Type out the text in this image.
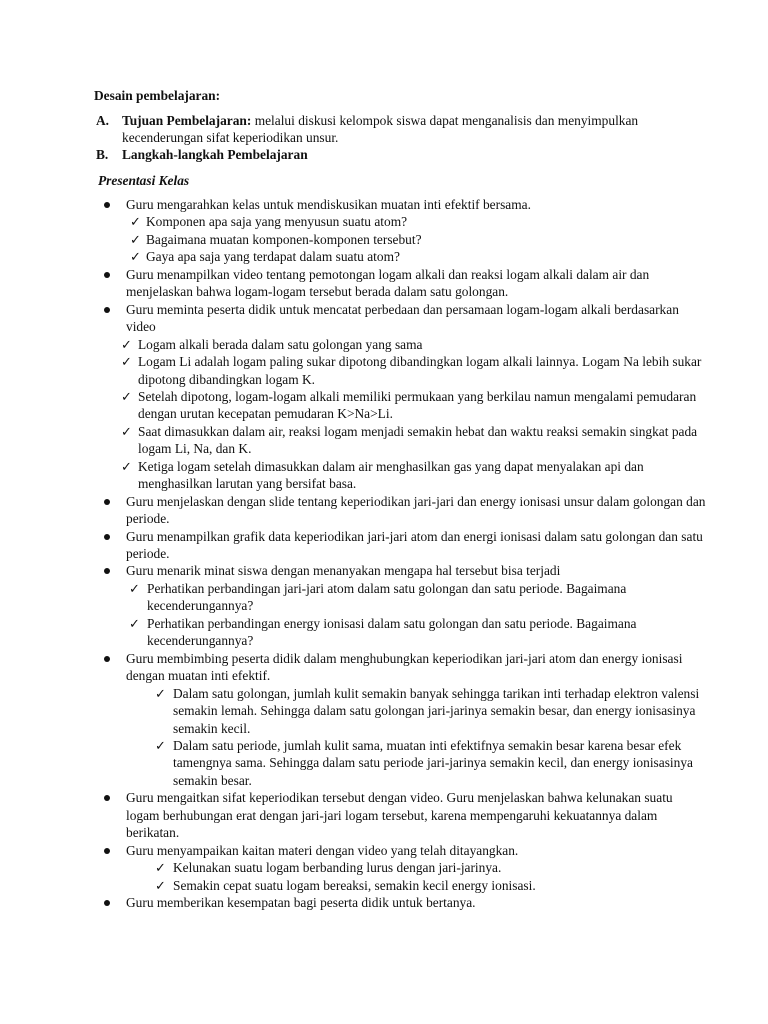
Desain pembelajaran:
A. Tujuan Pembelajaran: melalui diskusi kelompok siswa dapat menganalisis dan menyimpulkan
kecenderungan sifat keperiodikan unsur.
B. Langkah-langkah Pembelajaran
Presentasi Kelas
Guru mengarahkan kelas untuk mendiskusikan muatan inti efektif bersama.
✓ Komponen apa saja yang menyusun suatu atom?
✓ Bagaimana muatan komponen-komponen tersebut?
✓ Gaya apa saja yang terdapat dalam suatu atom?
Guru menampilkan video tentang pemotongan logam alkali dan reaksi logam alkali dalam air dan
menjelaskan bahwa logam-logam tersebut berada dalam satu golongan.
Guru meminta peserta didik untuk mencatat perbedaan dan persamaan logam-logam alkali berdasarkan
video
✓ Logam alkali berada dalam satu golongan yang sama
✓ Logam Li adalah logam paling sukar dipotong dibandingkan logam alkali lainnya. Logam Na lebih sukar
dipotong dibandingkan logam K.
✓ Setelah dipotong, logam-logam alkali memiliki permukaan yang berkilau namun mengalami pemudaran
dengan urutan kecepatan pemudaran K>Na>Li.
✓ Saat dimasukkan dalam air, reaksi logam menjadi semakin hebat dan waktu reaksi semakin singkat pada
logam Li, Na, dan K.
✓ Ketiga logam setelah dimasukkan dalam air menghasilkan gas yang dapat menyalakan api dan
menghasilkan larutan yang bersifat basa.
Guru menjelaskan dengan slide tentang keperiodikan jari-jari dan energy ionisasi unsur dalam golongan dan
periode.
Guru menampilkan grafik data keperiodikan jari-jari atom dan energi ionisasi dalam satu golongan dan satu
periode.
Guru menarik minat siswa dengan menanyakan mengapa hal tersebut bisa terjadi
✓ Perhatikan perbandingan jari-jari atom dalam satu golongan dan satu periode. Bagaimana
kecenderungannya?
✓ Perhatikan perbandingan energy ionisasi dalam satu golongan dan satu periode. Bagaimana
kecenderungannya?
Guru membimbing peserta didik dalam menghubungkan keperiodikan jari-jari atom dan energy ionisasi
dengan muatan inti efektif.
✓ Dalam satu golongan, jumlah kulit semakin banyak sehingga tarikan inti terhadap elektron valensi
semakin lemah. Sehingga dalam satu golongan jari-jarinya semakin besar, dan energy ionisasinya
semakin kecil.
✓ Dalam satu periode, jumlah kulit sama, muatan inti efektifnya semakin besar karena besar efek
tamengnya sama. Sehingga dalam satu periode jari-jarinya semakin kecil, dan energy ionisasinya
semakin besar.
Guru mengaitkan sifat keperiodikan tersebut dengan video. Guru menjelaskan bahwa kelunakan suatu
logam berhubungan erat dengan jari-jari logam tersebut, karena mempengaruhi kekuatannya dalam
berikatan.
Guru menyampaikan kaitan materi dengan video yang telah ditayangkan.
✓ Kelunakan suatu logam berbanding lurus dengan jari-jarinya.
✓ Semakin cepat suatu logam bereaksi, semakin kecil energy ionisasi.
Guru memberikan kesempatan bagi peserta didik untuk bertanya.
